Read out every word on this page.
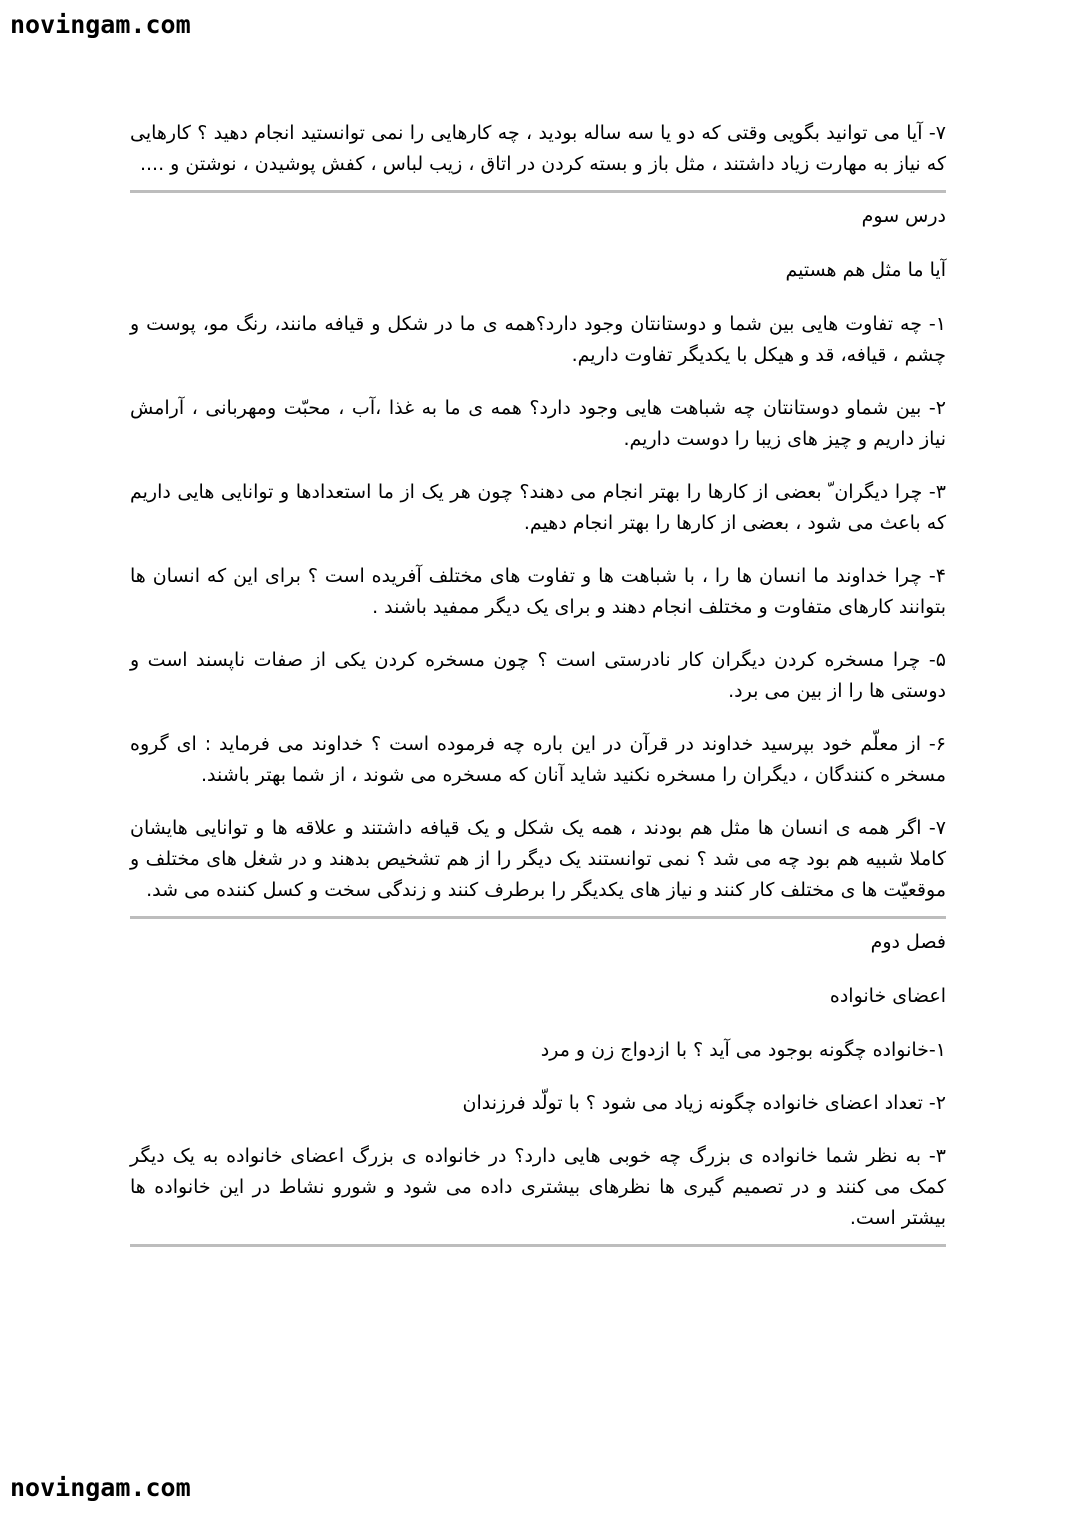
novingam.com

۷- آیا می توانید بگویی وقتی که دو یا سه ساله بودید ، چه کارهایی را نمی توانستید انجام دهید ؟ کارهایی که نیاز به مهارت زیاد داشتند ، مثل باز و بسته کردن در اتاق ، زیب لباس ، کفش پوشیدن ، نوشتن و ....

درس سوم
آیا ما مثل هم هستیم

۱- چه تفاوت هایی بین شما و دوستانتان وجود دارد؟همه ی ما در شکل و قیافه مانند، رنگ مو، پوست و چشم ، قیافه، قد و هیکل با یکدیگر تفاوت داریم.

۲- بین شماو دوستانتان چه شباهت هایی وجود دارد؟ همه ی ما به غذا ،آب ، محبّت ومهربانی ، آرامش نیاز داریم و چیز های زیبا را دوست داریم.

۳- چرا دیگران ّ بعضی از کارها را بهتر انجام می دهند؟ چون هر یک از ما استعدادها و توانایی هایی داریم که باعث می شود ، بعضی از کارها را بهتر انجام دهیم.

۴- چرا خداوند ما انسان ها را ، با شباهت ها و تفاوت های مختلف آفریده است ؟ برای این که انسان ها بتوانند کارهای متفاوت و مختلف انجام دهند و برای یک دیگر ممفید باشند .

۵- چرا مسخره کردن دیگران کار نادرستی است ؟ چون مسخره کردن یکی از صفات ناپسند است و دوستی ها را از بین می برد.

۶- از معلّم خود بپرسید خداوند در قرآن در این باره چه فرموده است ؟ خداوند می فرماید : ای گروه مسخر ه کنندگان ، دیگران را مسخره نکنید شاید آنان که مسخره می شوند ، از شما بهتر باشند.

۷- اگر همه ی انسان ها مثل هم بودند ، همه یک شکل و یک قیافه داشتند و علاقه ها و توانایی هایشان کاملا شبیه هم بود چه می شد ؟ نمی توانستند یک دیگر را از هم تشخیص بدهند و در شغل های مختلف و موقعیّت ها ی مختلف کار کنند و نیاز های یکدیگر را برطرف کنند و زندگی سخت و کسل کننده می شد.

فصل دوم
اعضای خانواده

۱-خانواده چگونه بوجود می آید ؟ با ازدواج زن و مرد

۲- تعداد اعضای خانواده چگونه زیاد می شود ؟ با تولّد فرزندان

۳- به نظر شما خانواده ی بزرگ چه خوبی هایی دارد؟ در خانواده ی بزرگ اعضای خانواده به یک دیگر کمک می کنند و در تصمیم گیری ها نظرهای بیشتری داده می شود و شورو نشاط در این خانواده ها بیشتر است.

novingam.com
